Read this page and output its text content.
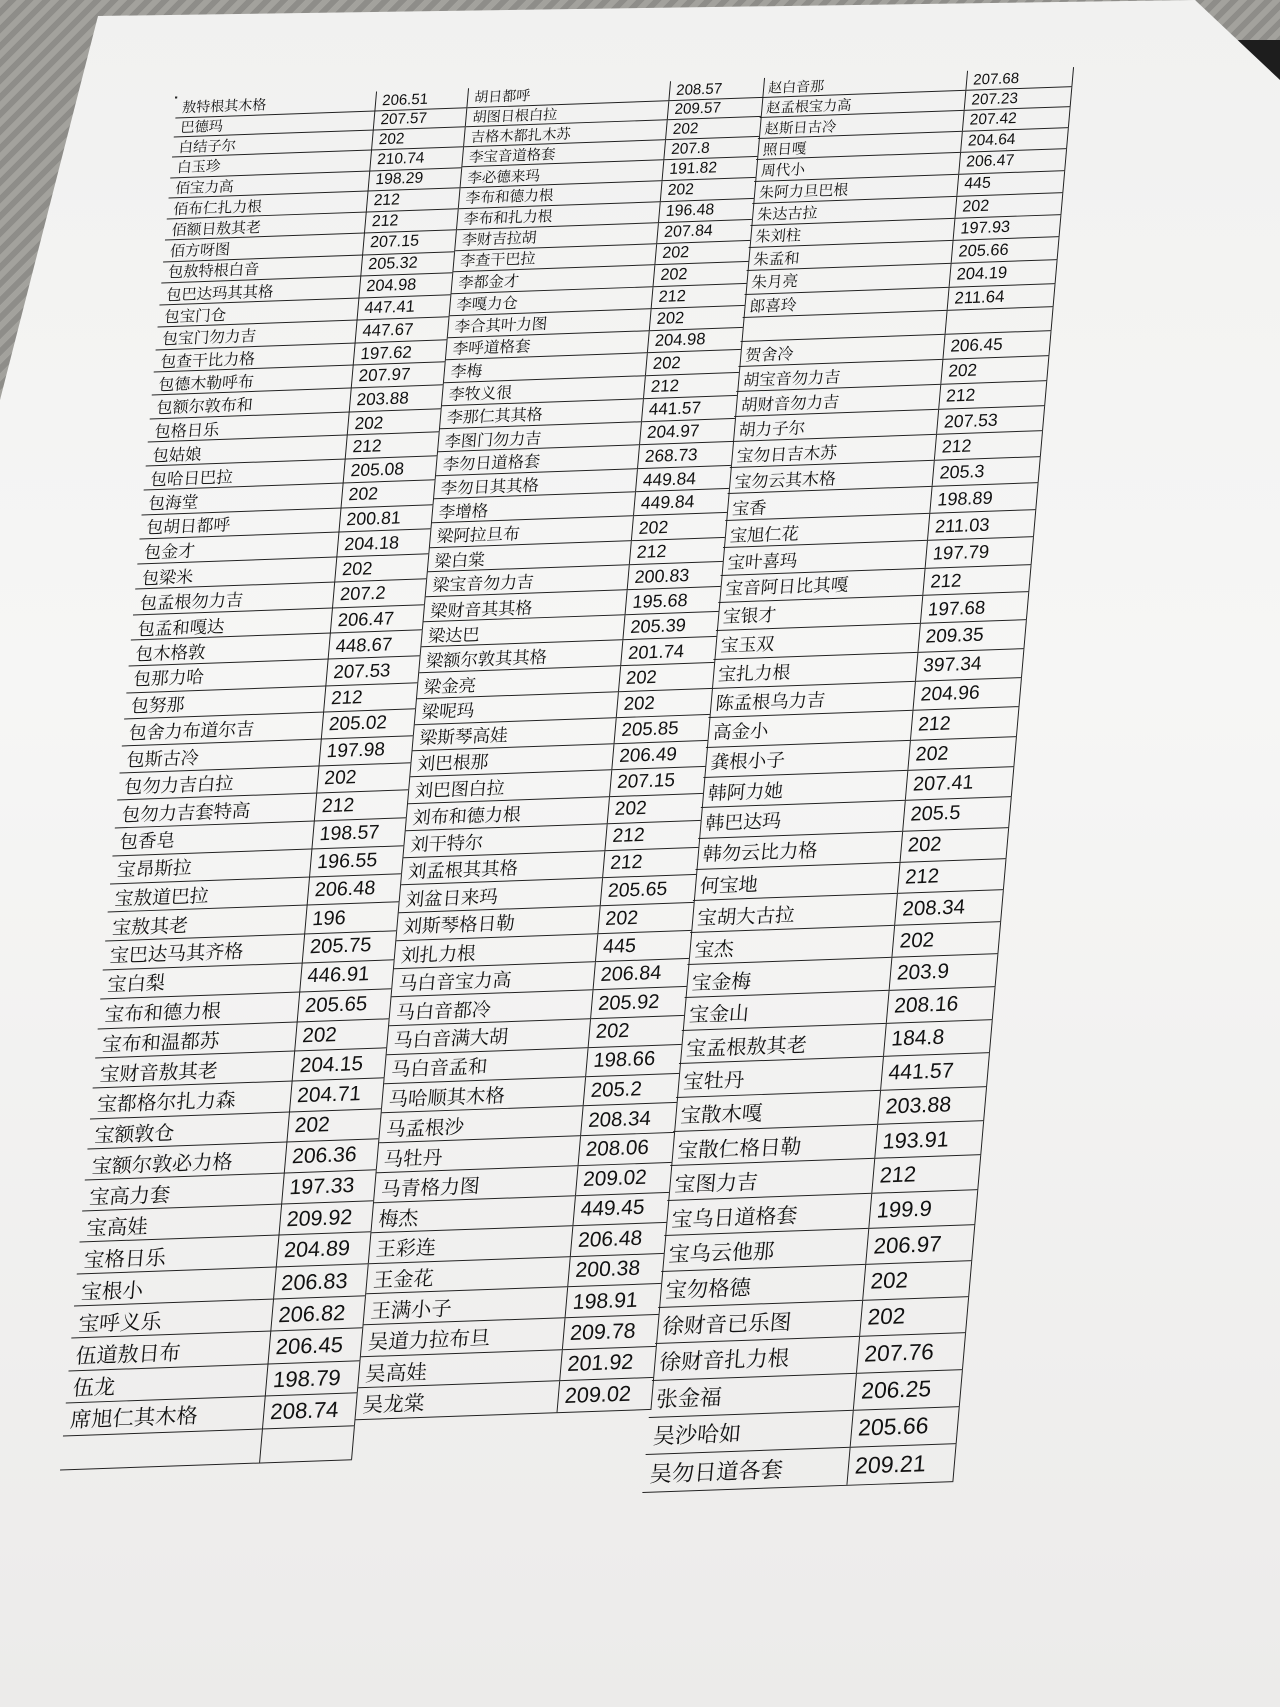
敖特根其木格	206.51
巴德玛	207.57
白结子尔	202
白玉珍	210.74
佰宝力高	198.29
佰布仁扎力根	212
佰额日敖其老	212
佰方呀图	207.15
包敖特根白音	205.32
包巴达玛其其格	204.98
包宝门仓	447.41
包宝门勿力吉	447.67
包查干比力格	197.62
包德木勒呼布	207.97
包额尔敦布和	203.88
包格日乐	202
包姑娘	212
包哈日巴拉	205.08
包海堂	202
包胡日都呼	200.81
包金才	204.18
包梁米	202
包孟根勿力吉	207.2
包孟和嘎达	206.47
包木格敦	448.67
包那力哈	207.53
包努那	212
包舍力布道尔吉	205.02
包斯古冷	197.98
包勿力吉白拉	202
包勿力吉套特高	212
包香皂	198.57
宝昂斯拉	196.55
宝敖道巴拉	206.48
宝敖其老	196
宝巴达马其齐格	205.75
宝白梨	446.91
宝布和德力根	205.65
宝布和温都苏	202
宝财音敖其老	204.15
宝都格尔扎力森	204.71
宝额敦仓	202
宝额尔敦必力格	206.36
宝高力套	197.33
宝高娃	209.92
宝格日乐	204.89
宝根小	206.83
宝呼义乐	206.82
伍道敖日布	206.45
伍龙	198.79
席旭仁其木格	208.74
胡日都呼	208.57
胡图日根白拉	209.57
吉格木都扎木苏	202
李宝音道格套	207.8
李必德来玛	191.82
李布和德力根	202
李布和扎力根	196.48
李财吉拉胡	207.84
李查干巴拉	202
李都金才	202
李嘎力仓	212
李合其叶力图	202
李呼道格套	204.98
李梅	202
李牧义很	212
李那仁其其格	441.57
李图门勿力吉	204.97
李勿日道格套	268.73
李勿日其其格	449.84
李增格	449.84
梁阿拉旦布	202
梁白棠	212
梁宝音勿力吉	200.83
梁财音其其格	195.68
梁达巴	205.39
梁额尔敦其其格	201.74
梁金亮	202
梁呢玛	202
梁斯琴高娃	205.85
刘巴根那	206.49
刘巴图白拉	207.15
刘布和德力根	202
刘干特尔	212
刘孟根其其格	212
刘盆日来玛	205.65
刘斯琴格日勒	202
刘扎力根	445
马白音宝力高	206.84
马白音都冷	205.92
马白音满大胡	202
马白音孟和	198.66
马哈顺其木格	205.2
马孟根沙	208.34
马牡丹	208.06
马青格力图	209.02
梅杰	449.45
王彩连	206.48
王金花	200.38
王满小子	198.91
吴道力拉布旦	209.78
吴高娃	201.92
吴龙棠	209.02
赵白音那	207.68
赵孟根宝力高	207.23
赵斯日古冷	207.42
照日嘎	204.64
周代小	206.47
朱阿力旦巴根	445
朱达古拉	202
朱刘柱	197.93
朱孟和	205.66
朱月亮	204.19
郎喜玲	211.64
贺舍冷	206.45
胡宝音勿力吉	202
胡财音勿力吉	212
胡力子尔	207.53
宝勿日吉木苏	212
宝勿云其木格	205.3
宝香	198.89
宝旭仁花	211.03
宝叶喜玛	197.79
宝音阿日比其嘎	212
宝银才	197.68
宝玉双	209.35
宝扎力根	397.34
陈孟根乌力吉	204.96
高金小	212
龚根小子	202
韩阿力她	207.41
韩巴达玛	205.5
韩勿云比力格	202
何宝地	212
宝胡大古拉	208.34
宝杰	202
宝金梅	203.9
宝金山	208.16
宝孟根敖其老	184.8
宝牡丹	441.57
宝散木嘎	203.88
宝散仁格日勒	193.91
宝图力吉	212
宝乌日道格套	199.9
宝乌云他那	206.97
宝勿格德	202
徐财音已乐图	202
徐财音扎力根	207.76
张金福	206.25
吴沙哈如	205.66
吴勿日道各套	209.21
